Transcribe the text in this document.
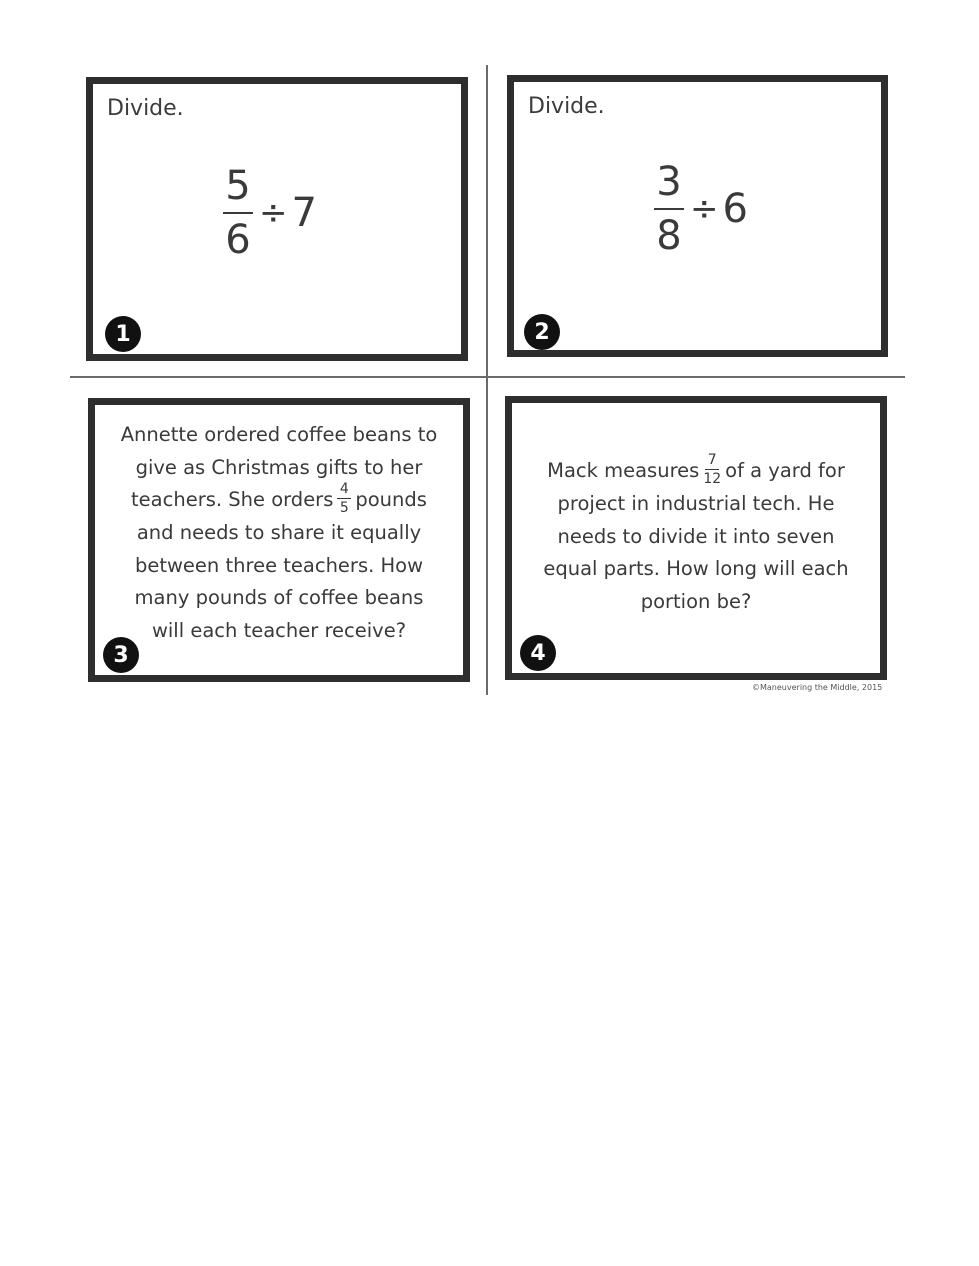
Divide.
$\frac{5}{6} \div 7$
1
Divide.
$\frac{3}{8} \div 6$
2

Annette ordered coffee beans to
give as Christmas gifts to her
teachers. She orders $\frac{4}{5}$ pounds
and needs to share it equally
between three teachers. How
many pounds of coffee beans
will each teacher receive?

3

Mack measures $\frac{7}{12}$ of a yard for
project in industrial tech. He
needs to divide it into seven
equal parts. How long will each
portion be?

4
©Maneuvering the Middle, 2015
